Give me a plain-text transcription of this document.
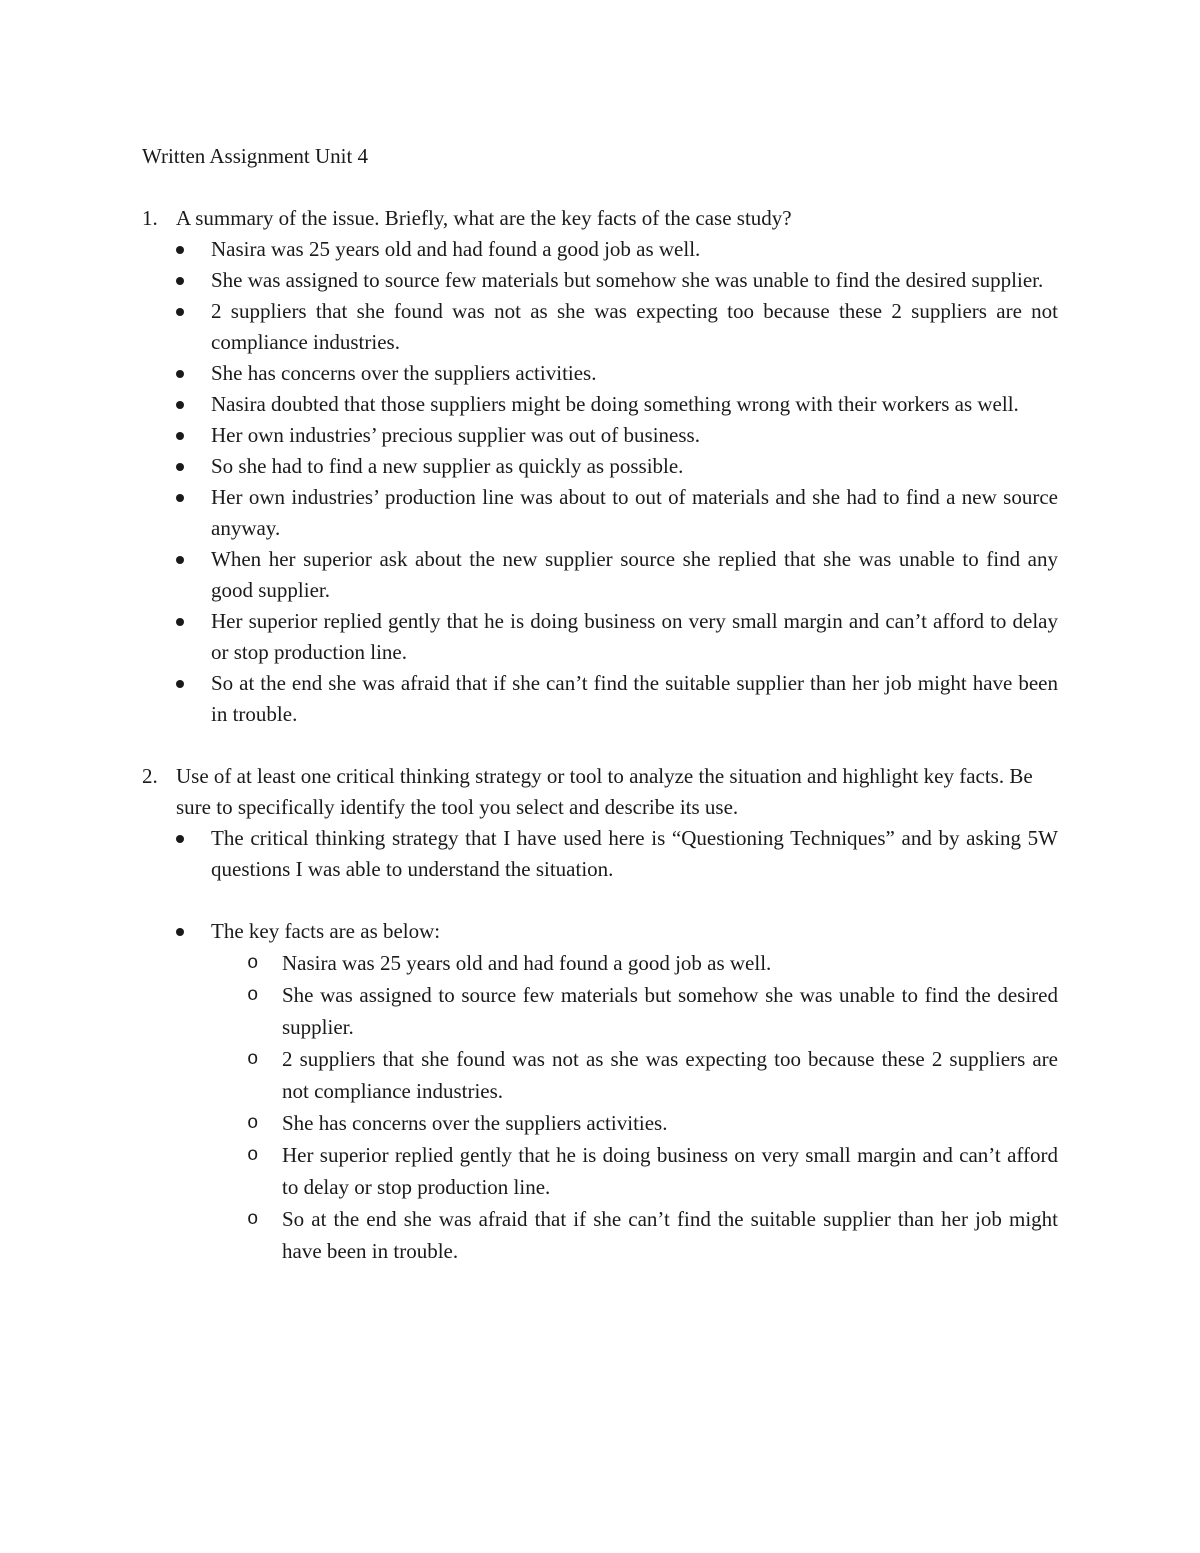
Written Assignment Unit 4

1. A summary of the issue. Briefly, what are the key facts of the case study?

Nasira was 25 years old and had found a good job as well.
She was assigned to source few materials but somehow she was unable to find the desired supplier.
2 suppliers that she found was not as she was expecting too because these 2 suppliers are not compliance industries.
She has concerns over the suppliers activities.
Nasira doubted that those suppliers might be doing something wrong with their workers as well.
Her own industries’ precious supplier was out of business.
So she had to find a new supplier as quickly as possible.
Her own industries’ production line was about to out of materials and she had to find a new source anyway.
When her superior ask about the new supplier source she replied that she was unable to find any good supplier.
Her superior replied gently that he is doing business on very small margin and can’t afford to delay or stop production line.
So at the end she was afraid that if she can’t find the suitable supplier than her job might have been in trouble.
2. Use of at least one critical thinking strategy or tool to analyze the situation and highlight key facts. Be sure to specifically identify the tool you select and describe its use.

The critical thinking strategy that I have used here is “Questioning Techniques” and by asking 5W questions I was able to understand the situation.
The key facts are as below:
o Nasira was 25 years old and had found a good job as well.
o She was assigned to source few materials but somehow she was unable to find the desired supplier.
o 2 suppliers that she found was not as she was expecting too because these 2 suppliers are not compliance industries.
o She has concerns over the suppliers activities.
o Her superior replied gently that he is doing business on very small margin and can’t afford to delay or stop production line.
o So at the end she was afraid that if she can’t find the suitable supplier than her job might have been in trouble.
